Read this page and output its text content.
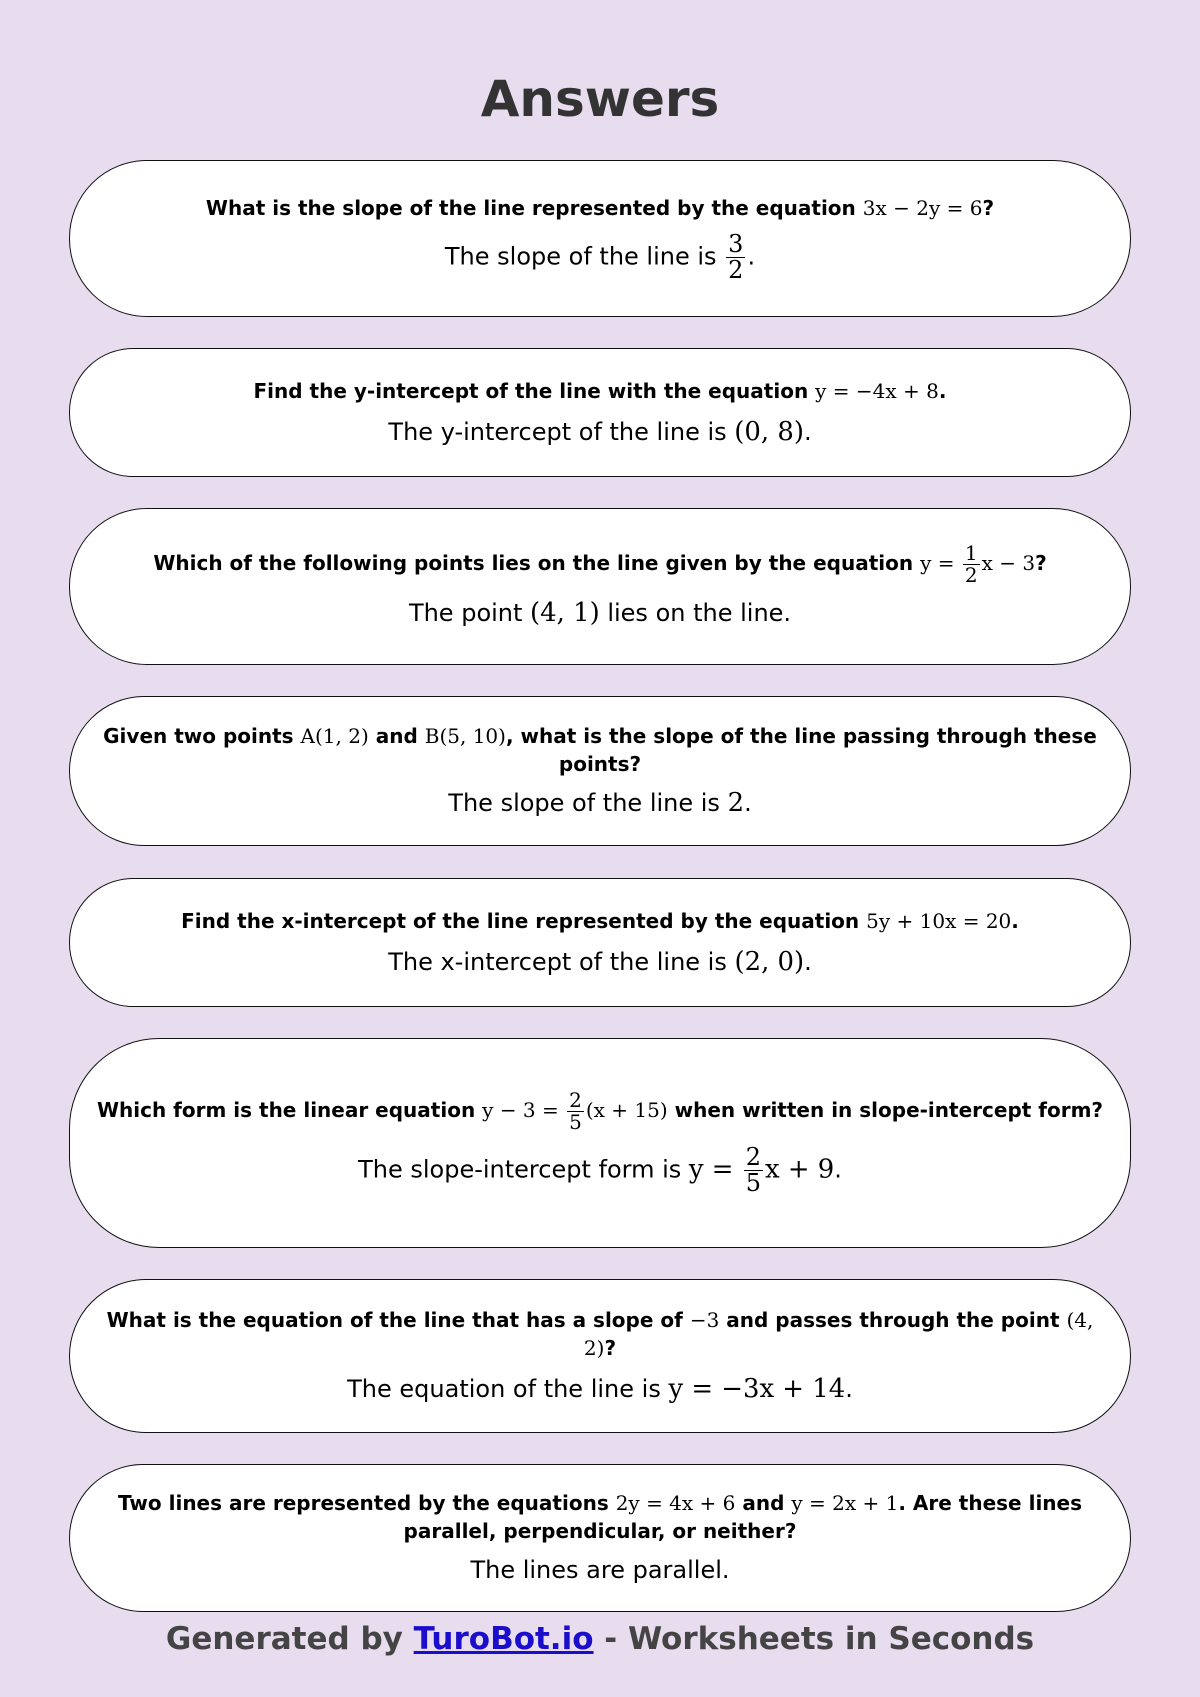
Answers

What is the slope of the line represented by the equation 3x − 2y = 6?

The slope of the line is $\frac{3}{2}$ .

Find the y-intercept of the line with the equation y = −4x + 8.

The y-intercept of the line is (0, 8).

Which of the following points lies on the line given by the equation $y = \frac{1}{2}$ x − 3?

The point (4, 1) lies on the line.

Given two points A(1, 2) and B(5, 10), what is the slope of the line passing through these points?

The slope of the line is 2.

Find the x-intercept of the line represented by the equation 5y + 10x = 20.

The x-intercept of the line is (2, 0).

Which form is the linear equation $y - 3 = \frac{2}{5} (x + 15)$ when written in slope-intercept form?

The slope-intercept form is $y = \frac{2}{5}$ x + 9.

What is the equation of the line that has a slope of −3 and passes through the point (4, 2)?

The equation of the line is y = −3x + 14.

Two lines are represented by the equations 2y = 4x + 6 and y = 2x + 1. Are these lines parallel, perpendicular, or neither?

The lines are parallel.

Generated by TuroBot.io - Worksheets in Seconds
